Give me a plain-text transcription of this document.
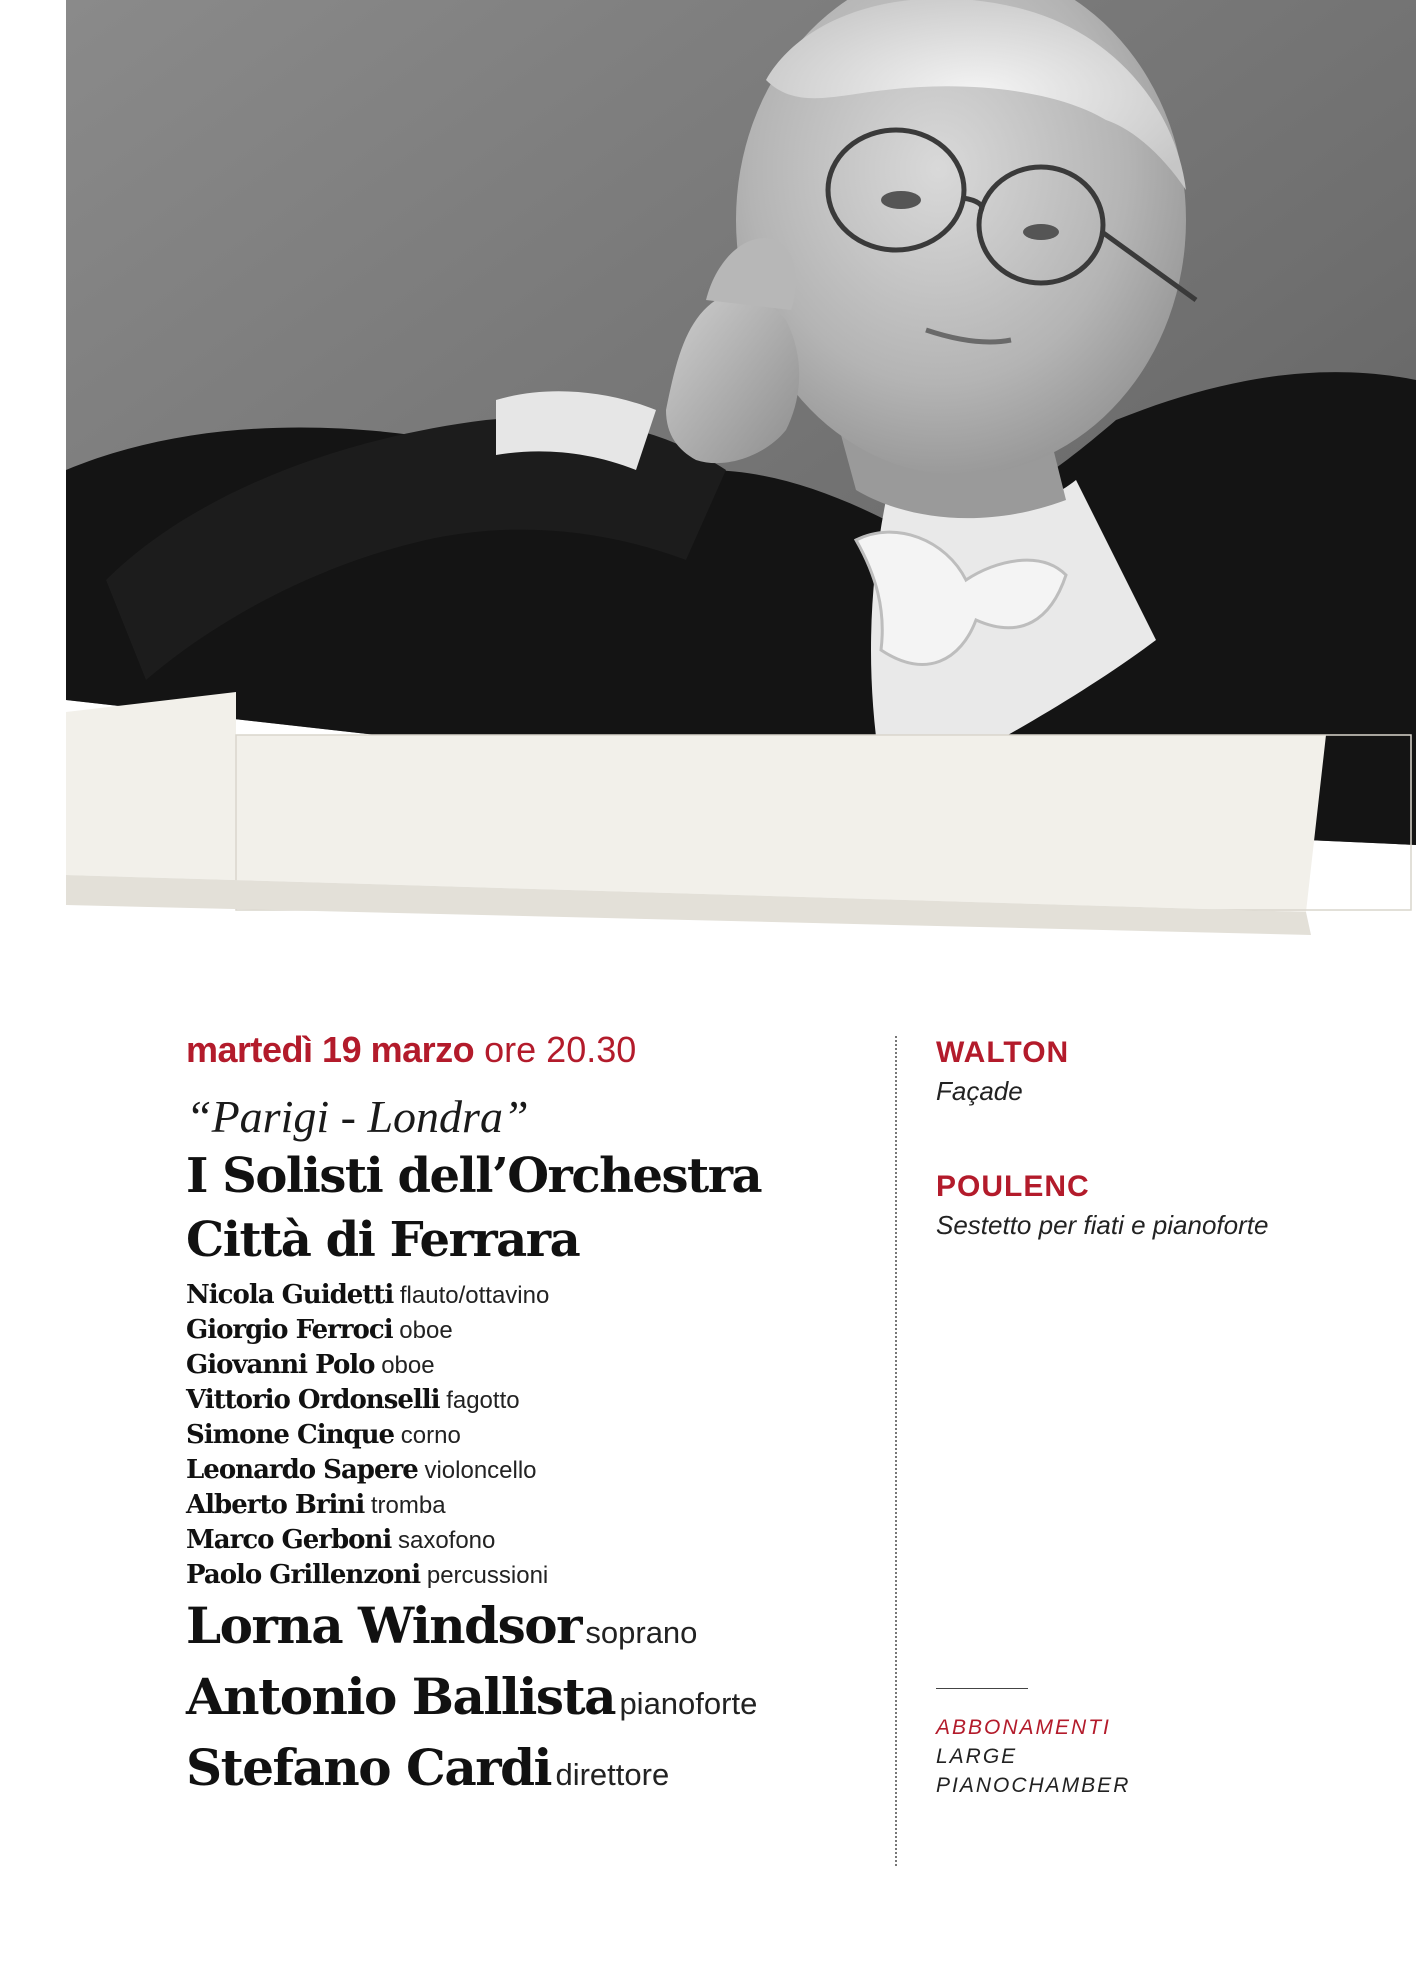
martedì 19 marzo ore 20.30
“Parigi - Londra”
I Solisti dell’Orchestra
Città di Ferrara
Nicola Guidetti flauto/ottavino
Giorgio Ferroci oboe
Giovanni Polo oboe
Vittorio Ordonselli fagotto
Simone Cinque corno
Leonardo Sapere violoncello
Alberto Brini tromba
Marco Gerboni saxofono
Paolo Grillenzoni percussioni
Lorna Windsor soprano
Antonio Ballista pianoforte
Stefano Cardi direttore
WALTON
Façade
POULENC
Sestetto per fiati e pianoforte
ABBONAMENTI
LARGE
PIANOCHAMBER
